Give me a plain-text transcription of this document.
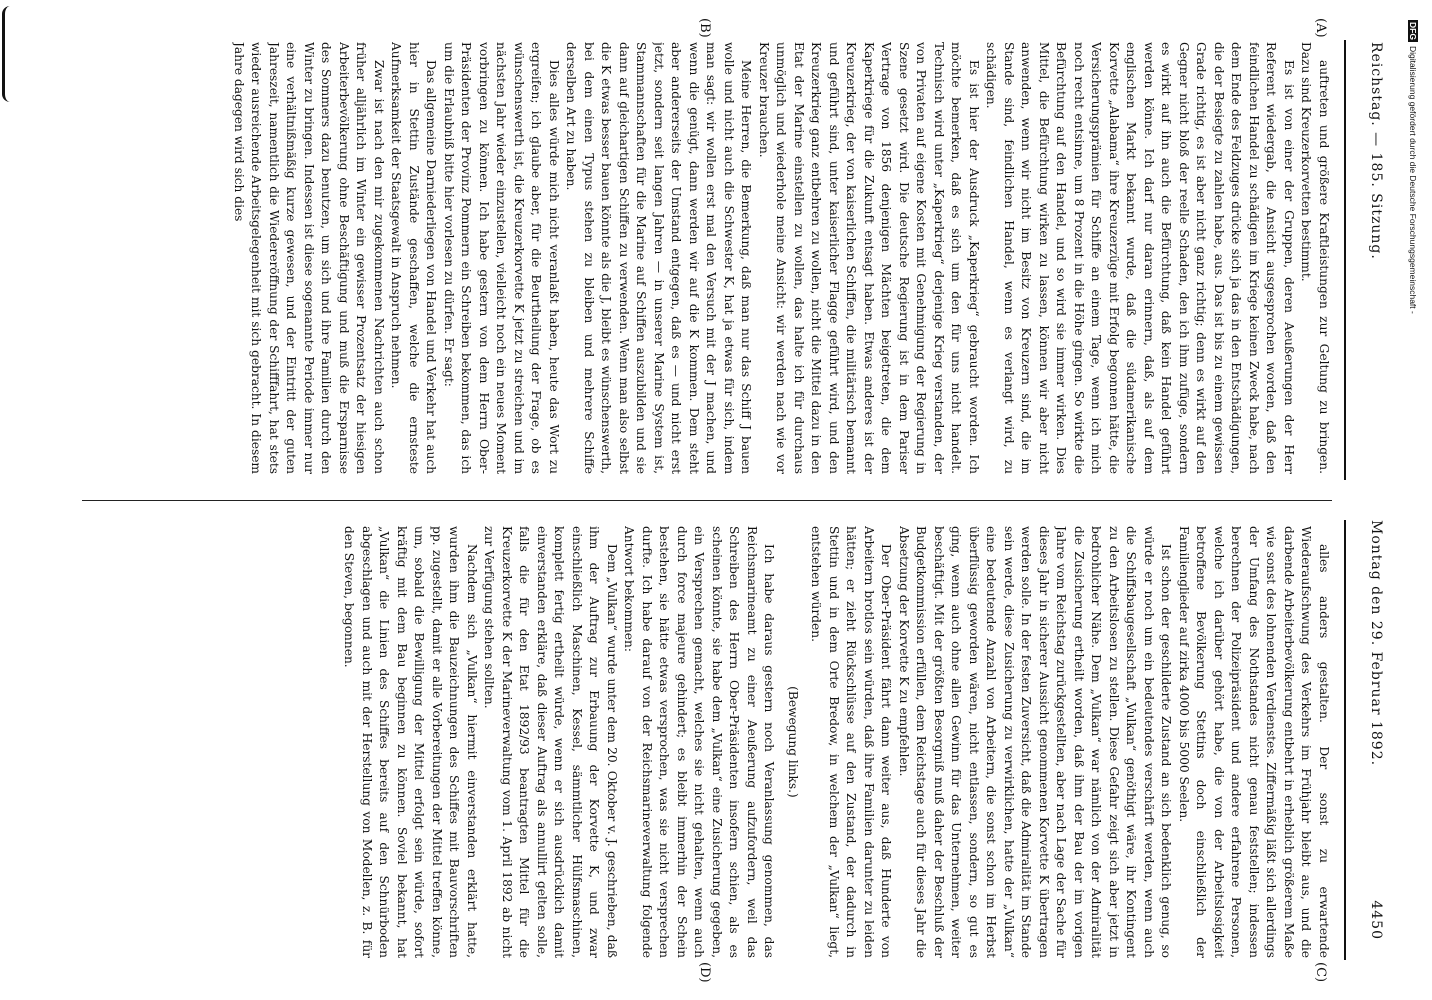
Reichstag. — 185. Sitzung.
Montag den 29. Februar 1892.
4450
(A)
(B)
(C)
(D)

auftreten und größere Kraftleistungen zur Geltung zu bringen. Dazu sind Kreuzerkorvetten bestimmt.

Es ist von einer der Gruppen, deren Aeußerungen der Herr Referent wiedergab, die Ansicht ausgesprochen worden, daß den feindlichen Handel zu schädigen im Kriege keinen Zweck habe, nach dem Ende des Feldzuges drücke sich ja das in den Entschädigungen, die der Besiegte zu zahlen habe, aus. Das ist bis zu einem gewissen Grade richtig, es ist aber nicht ganz richtig; denn es wirkt auf den Gegner nicht bloß der reelle Schaden, den ich ihm zufüge, sondern es wirkt auf ihn auch die Befürchtung, daß kein Handel geführt werden könne. Ich darf nur daran erinnern, daß, als auf dem englischen Markt bekannt wurde, daß die südamerikanische Korvette „Alabama“ ihre Kreuzerzüge mit Erfolg begonnen hätte, die Versicherungsprämien für Schiffe an einem Tage, wenn ich mich noch recht entsinne, um 8 Prozent in die Höhe gingen. So wirkte die Befürchtung auf den Handel, und so wird sie immer wirken. Dies Mittel, die Befürchtung wirken zu lassen, können wir aber nicht anwenden, wenn wir nicht im Besitz von Kreuzern sind, die im Stande sind, feindlichen Handel, wenn es verlangt wird, zu schädigen.

Es ist hier der Ausdruck „Kaperkrieg“ gebraucht worden. Ich möchte bemerken, daß es sich um den für uns nicht handelt. Technisch wird unter „Kaperkrieg“ derjenige Krieg verstanden, der von Privaten auf eigene Kosten mit Genehmigung der Regierung in Szene gesetzt wird. Die deutsche Regierung ist in dem Pariser Vertrage von 1856 denjenigen Mächten beigetreten, die dem Kaperkriege für die Zukunft entsagt haben. Etwas anderes ist der Kreuzerkrieg, der von kaiserlichen Schiffen, die militärisch bemannt und geführt sind, unter kaiserlicher Flagge geführt wird, und den Kreuzerkrieg ganz entbehren zu wollen, nicht die Mittel dazu in den Etat der Marine einstellen zu wollen, das halte ich für durchaus unmöglich und wiederhole meine Ansicht: wir werden nach wie vor Kreuzer brauchen.

Meine Herren, die Bemerkung, daß man nur das Schiff J bauen wolle und nicht auch die Schwester K, hat ja etwas für sich, indem man sagt: wir wollen erst mal den Versuch mit der J machen, und wenn die genügt, dann werden wir auf die K kommen. Dem steht aber andererseits der Umstand entgegen, daß es — und nicht erst jetzt, sondern seit langen Jahren — in unserer Marine System ist, Stammannschaften für die Marine auf Schiffen auszubilden und sie dann auf gleichartigen Schiffen zu verwenden. Wenn man also selbst die K etwas besser bauen könnte als die J, bleibt es wünschenswerth, bei dem einen Typus stehen zu bleiben und mehrere Schiffe derselben Art zu haben.

Dies alles würde mich nicht veranlaßt haben, heute das Wort zu ergreifen; ich glaube aber, für die Beurtheilung der Frage, ob es wünschenswerth ist, die Kreuzerkorvette K jetzt zu streichen und im nächsten Jahr wieder einzustellen, vielleicht noch ein neues Moment vorbringen zu können. Ich habe gestern von dem Herrn Ober-Präsidenten der Provinz Pommern ein Schreiben bekommen, das ich um die Erlaubniß bitte hier vorlesen zu dürfen. Er sagt:

Das allgemeine Darniederliegen von Handel und Verkehr hat auch hier in Stettin Zustände geschaffen, welche die ernsteste Aufmerksamkeit der Staatsgewalt in Anspruch nehmen.

Zwar ist nach den mir zugekommenen Nachrichten auch schon früher alljährlich im Winter ein gewisser Prozentsatz der hiesigen Arbeiterbevölkerung ohne Beschäftigung und muß die Ersparnisse des Sommers dazu benutzen, um sich und ihre Familien durch den Winter zu bringen. Indessen ist diese sogenannte Periode immer nur eine verhältnißmäßig kurze gewesen, und der Eintritt der guten Jahreszeit, namentlich die Wiedereröffnung der Schifffahrt, hat stets wieder ausreichende Arbeitsgelegenheit mit sich gebracht. In diesem Jahre dagegen wird sich dies

alles anders gestalten. Der sonst zu erwartende Wiederaufschwung des Verkehrs im Frühjahr bleibt aus, und die darbende Arbeiterbevölkerung entbehrt in erheblich größerem Maße wie sonst des lohnenden Verdienstes. Ziffermäßig läßt sich allerdings der Umfang des Nothstandes nicht genau feststellen; indessen berechnen der Polizeipräsident und andere erfahrene Personen, welche ich darüber gehört habe, die von der Arbeitslosigkeit betroffene Bevölkerung Stettins doch einschließlich der Familienglieder auf zirka 4000 bis 5000 Seelen.

Ist schon der geschilderte Zustand an sich bedenklich genug, so würde er noch um ein bedeutendes verschärft werden, wenn auch die Schiffsbaugesellschaft „Vulkan“ genöthigt wäre, ihr Kontingent zu den Arbeitslosen zu stellen. Diese Gefahr zeigt sich aber jetzt in bedrohlicher Nähe. Dem „Vulkan“ war nämlich von der Admiralität die Zusicherung ertheilt worden, daß ihm der Bau der im vorigen Jahre vom Reichstag zurückgestellten, aber nach Lage der Sache für dieses Jahr in sicherer Aussicht genommenen Korvette K übertragen werden solle. In der festen Zuversicht, daß die Admiralität im Stande sein werde, diese Zusicherung zu verwirklichen, hatte der „Vulkan“ eine bedeutende Anzahl von Arbeitern, die sonst schon im Herbst überflüssig geworden wären, nicht entlassen, sondern, so gut es ging, wenn auch ohne allen Gewinn für das Unternehmen, weiter beschäftigt. Mit der größten Besorgniß muß daher der Beschluß der Budgetkommission erfüllen, dem Reichstage auch für dieses Jahr die Absetzung der Korvette K zu empfehlen.

Der Ober-Präsident fährt dann weiter aus, daß Hunderte von Arbeitern brotlos sein würden, daß ihre Familien darunter zu leiden hätten; er zieht Rückschlüsse auf den Zustand, der dadurch in Stettin und in dem Orte Bredow, in welchem der „Vulkan“ liegt, entstehen würden.

(Bewegung links.)

Ich habe daraus gestern noch Veranlassung genommen, das Reichsmarineamt zu einer Aeußerung aufzufordern, weil das Schreiben des Herrn Ober-Präsidenten insofern schien, als es scheinen könnte, sie habe dem „Vulkan“ eine Zusicherung gegeben, ein Versprechen gemacht, welches sie nicht gehalten, wenn auch durch force majeure gehindert; es bleibt immerhin der Schein bestehen, sie hätte etwas versprochen, was sie nicht versprechen durfte. Ich habe darauf von der Reichsmarineverwaltung folgende Antwort bekommen:

Dem „Vulkan“ wurde unter dem 20. Oktober v. J. geschrieben, daß ihm der Auftrag zur Erbauung der Korvette K, und zwar einschließlich Maschinen, Kessel, sämmtlicher Hülfsmaschinen, komplett fertig ertheilt würde, wenn er sich ausdrücklich damit einverstanden erkläre, daß dieser Auftrag als annullirt gelten solle, falls die für den Etat 1892/93 beantragten Mittel für die Kreuzerkorvette K der Marineverwaltung vom 1. April 1892 ab nicht zur Verfügung stehen sollten.

Nachdem sich „Vulkan“ hiermit einverstanden erklärt hatte, wurden ihm die Bauzeichnungen des Schiffes mit Bauvorschriften pp. zugestellt, damit er alle Vorbereitungen der Mittel treffen könne, um, sobald die Bewilligung der Mittel erfolgt sein würde, sofort kräftig mit dem Bau beginnen zu können. Soviel bekannt, hat „Vulkan“ die Linien des Schiffes bereits auf den Schnürboden abgeschlagen und auch mit der Herstellung von Modellen, z. B. für den Steven, begonnen.

DFGDigitalisierung gefördert durch die Deutsche Forschungsgemeinschaft -
